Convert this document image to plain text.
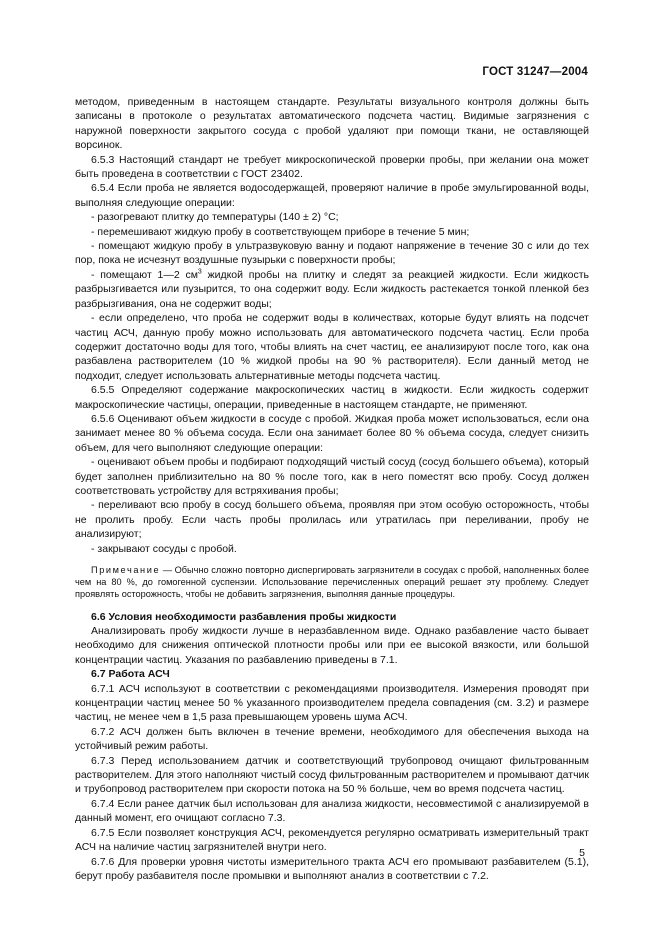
ГОСТ 31247—2004

методом, приведенным в настоящем стандарте. Результаты визуального контроля должны быть записаны в протоколе о результатах автоматического подсчета частиц. Видимые загрязнения с наружной поверхности закрытого сосуда с пробой удаляют при помощи ткани, не оставляющей ворсинок.

6.5.3 Настоящий стандарт не требует микроскопической проверки пробы, при желании она может быть проведена в соответствии с ГОСТ 23402.

6.5.4 Если проба не является водосодержащей, проверяют наличие в пробе эмульгированной воды, выполняя следующие операции:

- разогревают плитку до температуры (140 ± 2) °С;

- перемешивают жидкую пробу в соответствующем приборе в течение 5 мин;

- помещают жидкую пробу в ультразвуковую ванну и подают напряжение в течение 30 с или до тех пор, пока не исчезнут воздушные пузырьки с поверхности пробы;

- помещают 1—2 $см^3$ жидкой пробы на плитку и следят за реакцией жидкости. Если жидкость разбрызгивается или пузырится, то она содержит воду. Если жидкость растекается тонкой пленкой без разбрызгивания, она не содержит воды;

- если определено, что проба не содержит воды в количествах, которые будут влиять на подсчет частиц АСЧ, данную пробу можно использовать для автоматического подсчета частиц. Если проба содержит достаточно воды для того, чтобы влиять на счет частиц, ее анализируют после того, как она разбавлена растворителем (10 % жидкой пробы на 90 % растворителя). Если данный метод не подходит, следует использовать альтернативные методы подсчета частиц.

6.5.5 Определяют содержание макроскопических частиц в жидкости. Если жидкость содержит макроскопические частицы, операции, приведенные в настоящем стандарте, не применяют.

6.5.6 Оценивают объем жидкости в сосуде с пробой. Жидкая проба может использоваться, если она занимает менее 80 % объема сосуда. Если она занимает более 80 % объема сосуда, следует снизить объем, для чего выполняют следующие операции:

- оценивают объем пробы и подбирают подходящий чистый сосуд (сосуд большего объема), который будет заполнен приблизительно на 80 % после того, как в него поместят всю пробу. Сосуд должен соответствовать устройству для встряхивания пробы;

- переливают всю пробу в сосуд большего объема, проявляя при этом особую осторожность, чтобы не пролить пробу. Если часть пробы пролилась или утратилась при переливании, пробу не анализируют;

- закрывают сосуды с пробой.

Примечание — Обычно сложно повторно диспергировать загрязнители в сосудах с пробой, наполненных более чем на 80 %, до гомогенной суспензии. Использование перечисленных операций решает эту проблему. Следует проявлять осторожность, чтобы не добавить загрязнения, выполняя данные процедуры.

6.6 Условия необходимости разбавления пробы жидкости

Анализировать пробу жидкости лучше в неразбавленном виде. Однако разбавление часто бывает необходимо для снижения оптической плотности пробы или при ее высокой вязкости, или большой концентрации частиц. Указания по разбавлению приведены в 7.1.

6.7 Работа АСЧ

6.7.1 АСЧ используют в соответствии с рекомендациями производителя. Измерения проводят при концентрации частиц менее 50 % указанного производителем предела совпадения (см. 3.2) и размере частиц, не менее чем в 1,5 раза превышающем уровень шума АСЧ.

6.7.2 АСЧ должен быть включен в течение времени, необходимого для обеспечения выхода на устойчивый режим работы.

6.7.3 Перед использованием датчик и соответствующий трубопровод очищают фильтрованным растворителем. Для этого наполняют чистый сосуд фильтрованным растворителем и промывают датчик и трубопровод растворителем при скорости потока на 50 % больше, чем во время подсчета частиц.

6.7.4 Если ранее датчик был использован для анализа жидкости, несовместимой с анализируемой в данный момент, его очищают согласно 7.3.

6.7.5 Если позволяет конструкция АСЧ, рекомендуется регулярно осматривать измерительный тракт АСЧ на наличие частиц загрязнителей внутри него.

6.7.6 Для проверки уровня чистоты измерительного тракта АСЧ его промывают разбавителем (5.1), берут пробу разбавителя после промывки и выполняют анализ в соответствии с 7.2.

5
